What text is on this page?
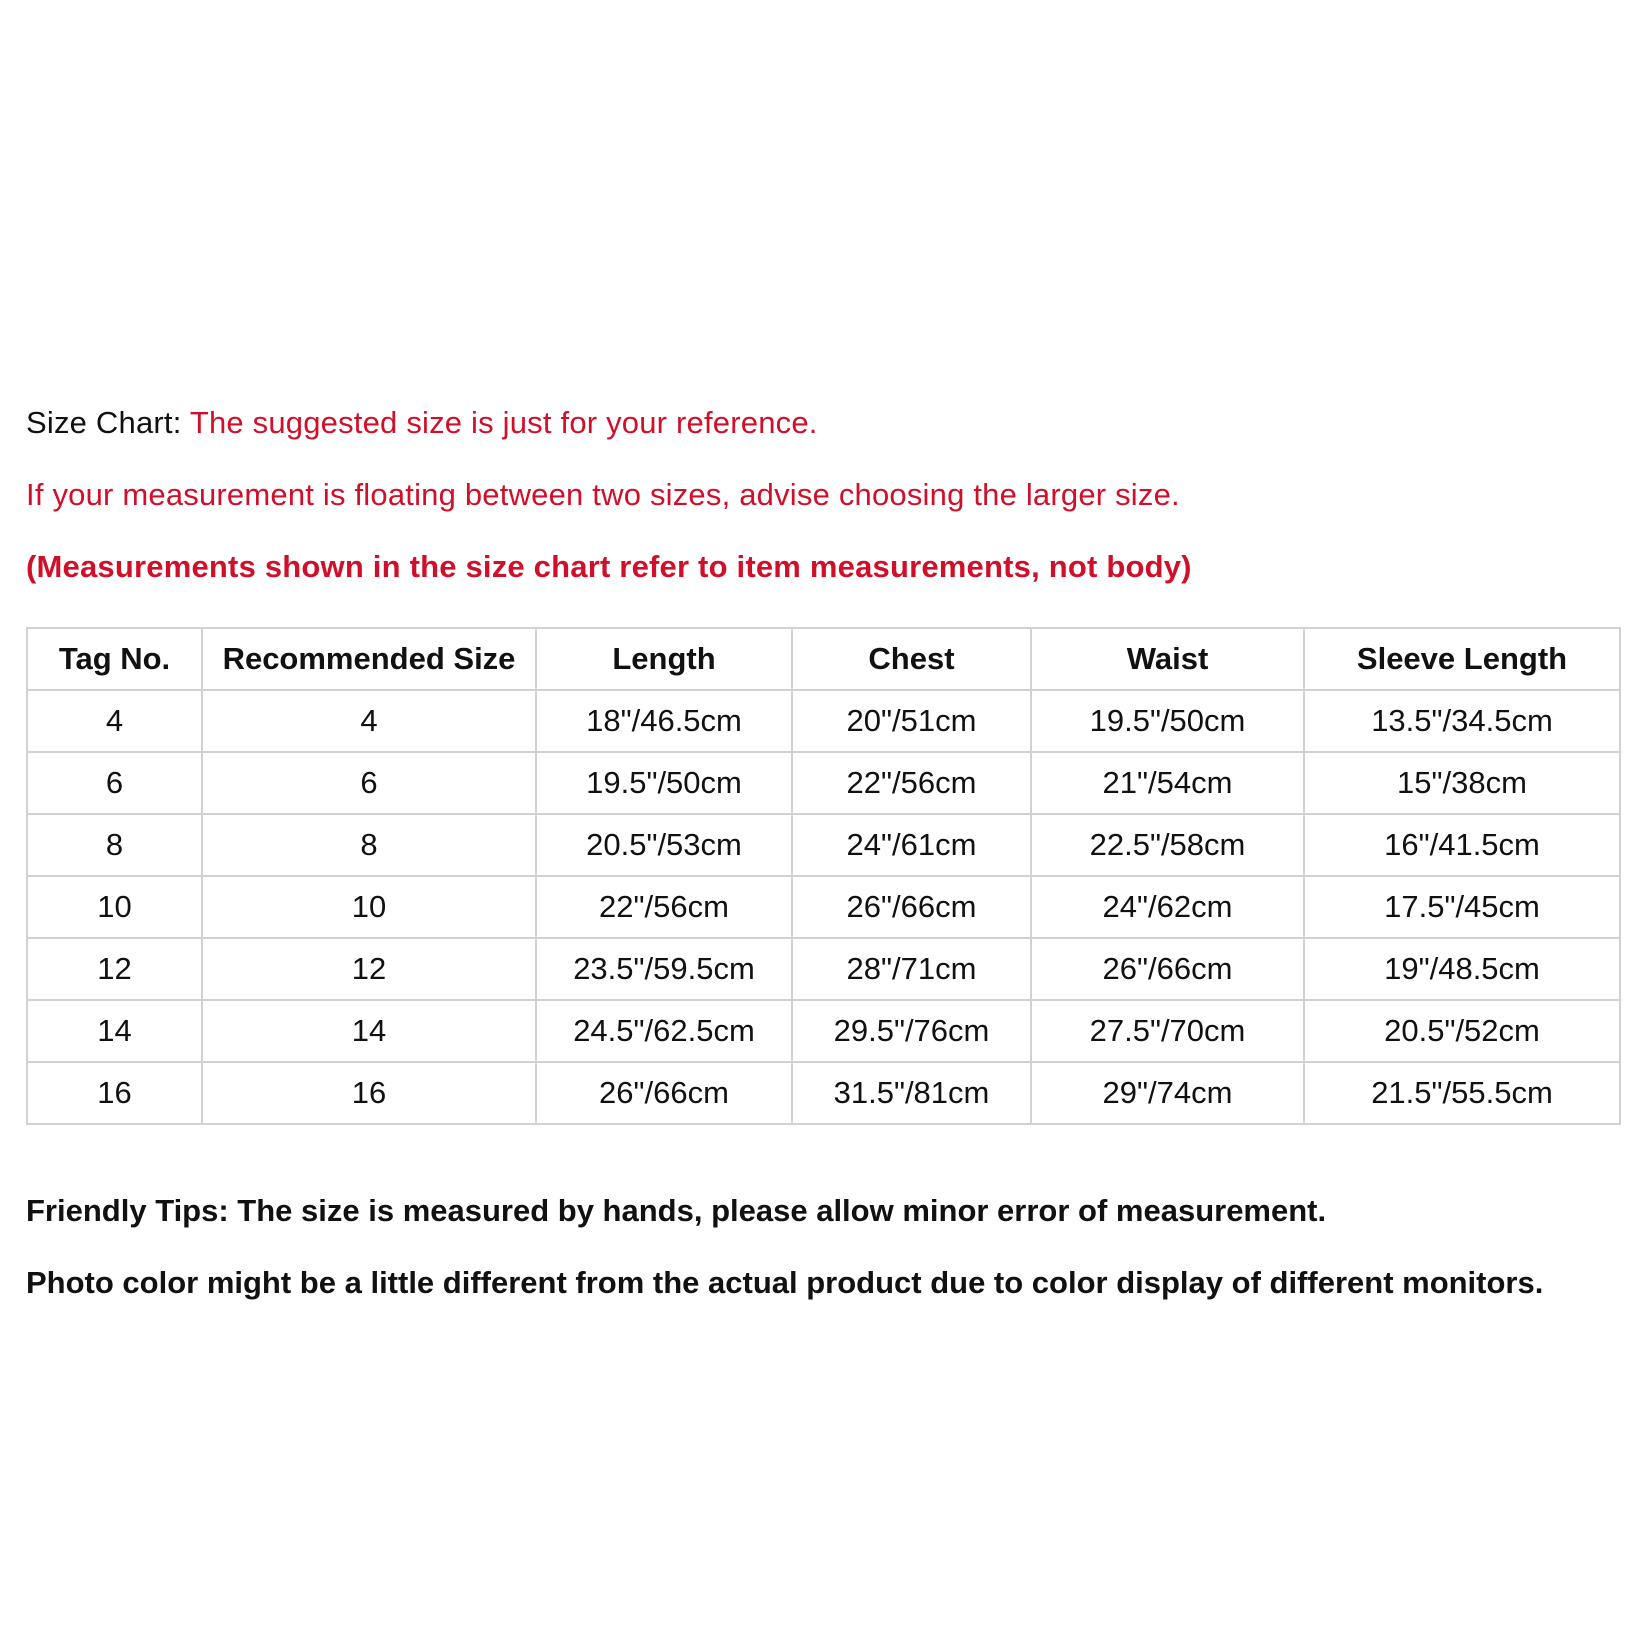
Size Chart: The suggested size is just for your reference.
If your measurement is floating between two sizes, advise choosing the larger size.
(Measurements shown in the size chart refer to item measurements, not body)
Tag No.	Recommended Size	Length	Chest	Waist	Sleeve Length
4	4	18"/46.5cm	20"/51cm	19.5"/50cm	13.5"/34.5cm
6	6	19.5"/50cm	22"/56cm	21"/54cm	15"/38cm
8	8	20.5"/53cm	24"/61cm	22.5"/58cm	16"/41.5cm
10	10	22"/56cm	26"/66cm	24"/62cm	17.5"/45cm
12	12	23.5"/59.5cm	28"/71cm	26"/66cm	19"/48.5cm
14	14	24.5"/62.5cm	29.5"/76cm	27.5"/70cm	20.5"/52cm
16	16	26"/66cm	31.5"/81cm	29"/74cm	21.5"/55.5cm
Friendly Tips: The size is measured by hands, please allow minor error of measurement.
Photo color might be a little different from the actual product due to color display of different monitors.
